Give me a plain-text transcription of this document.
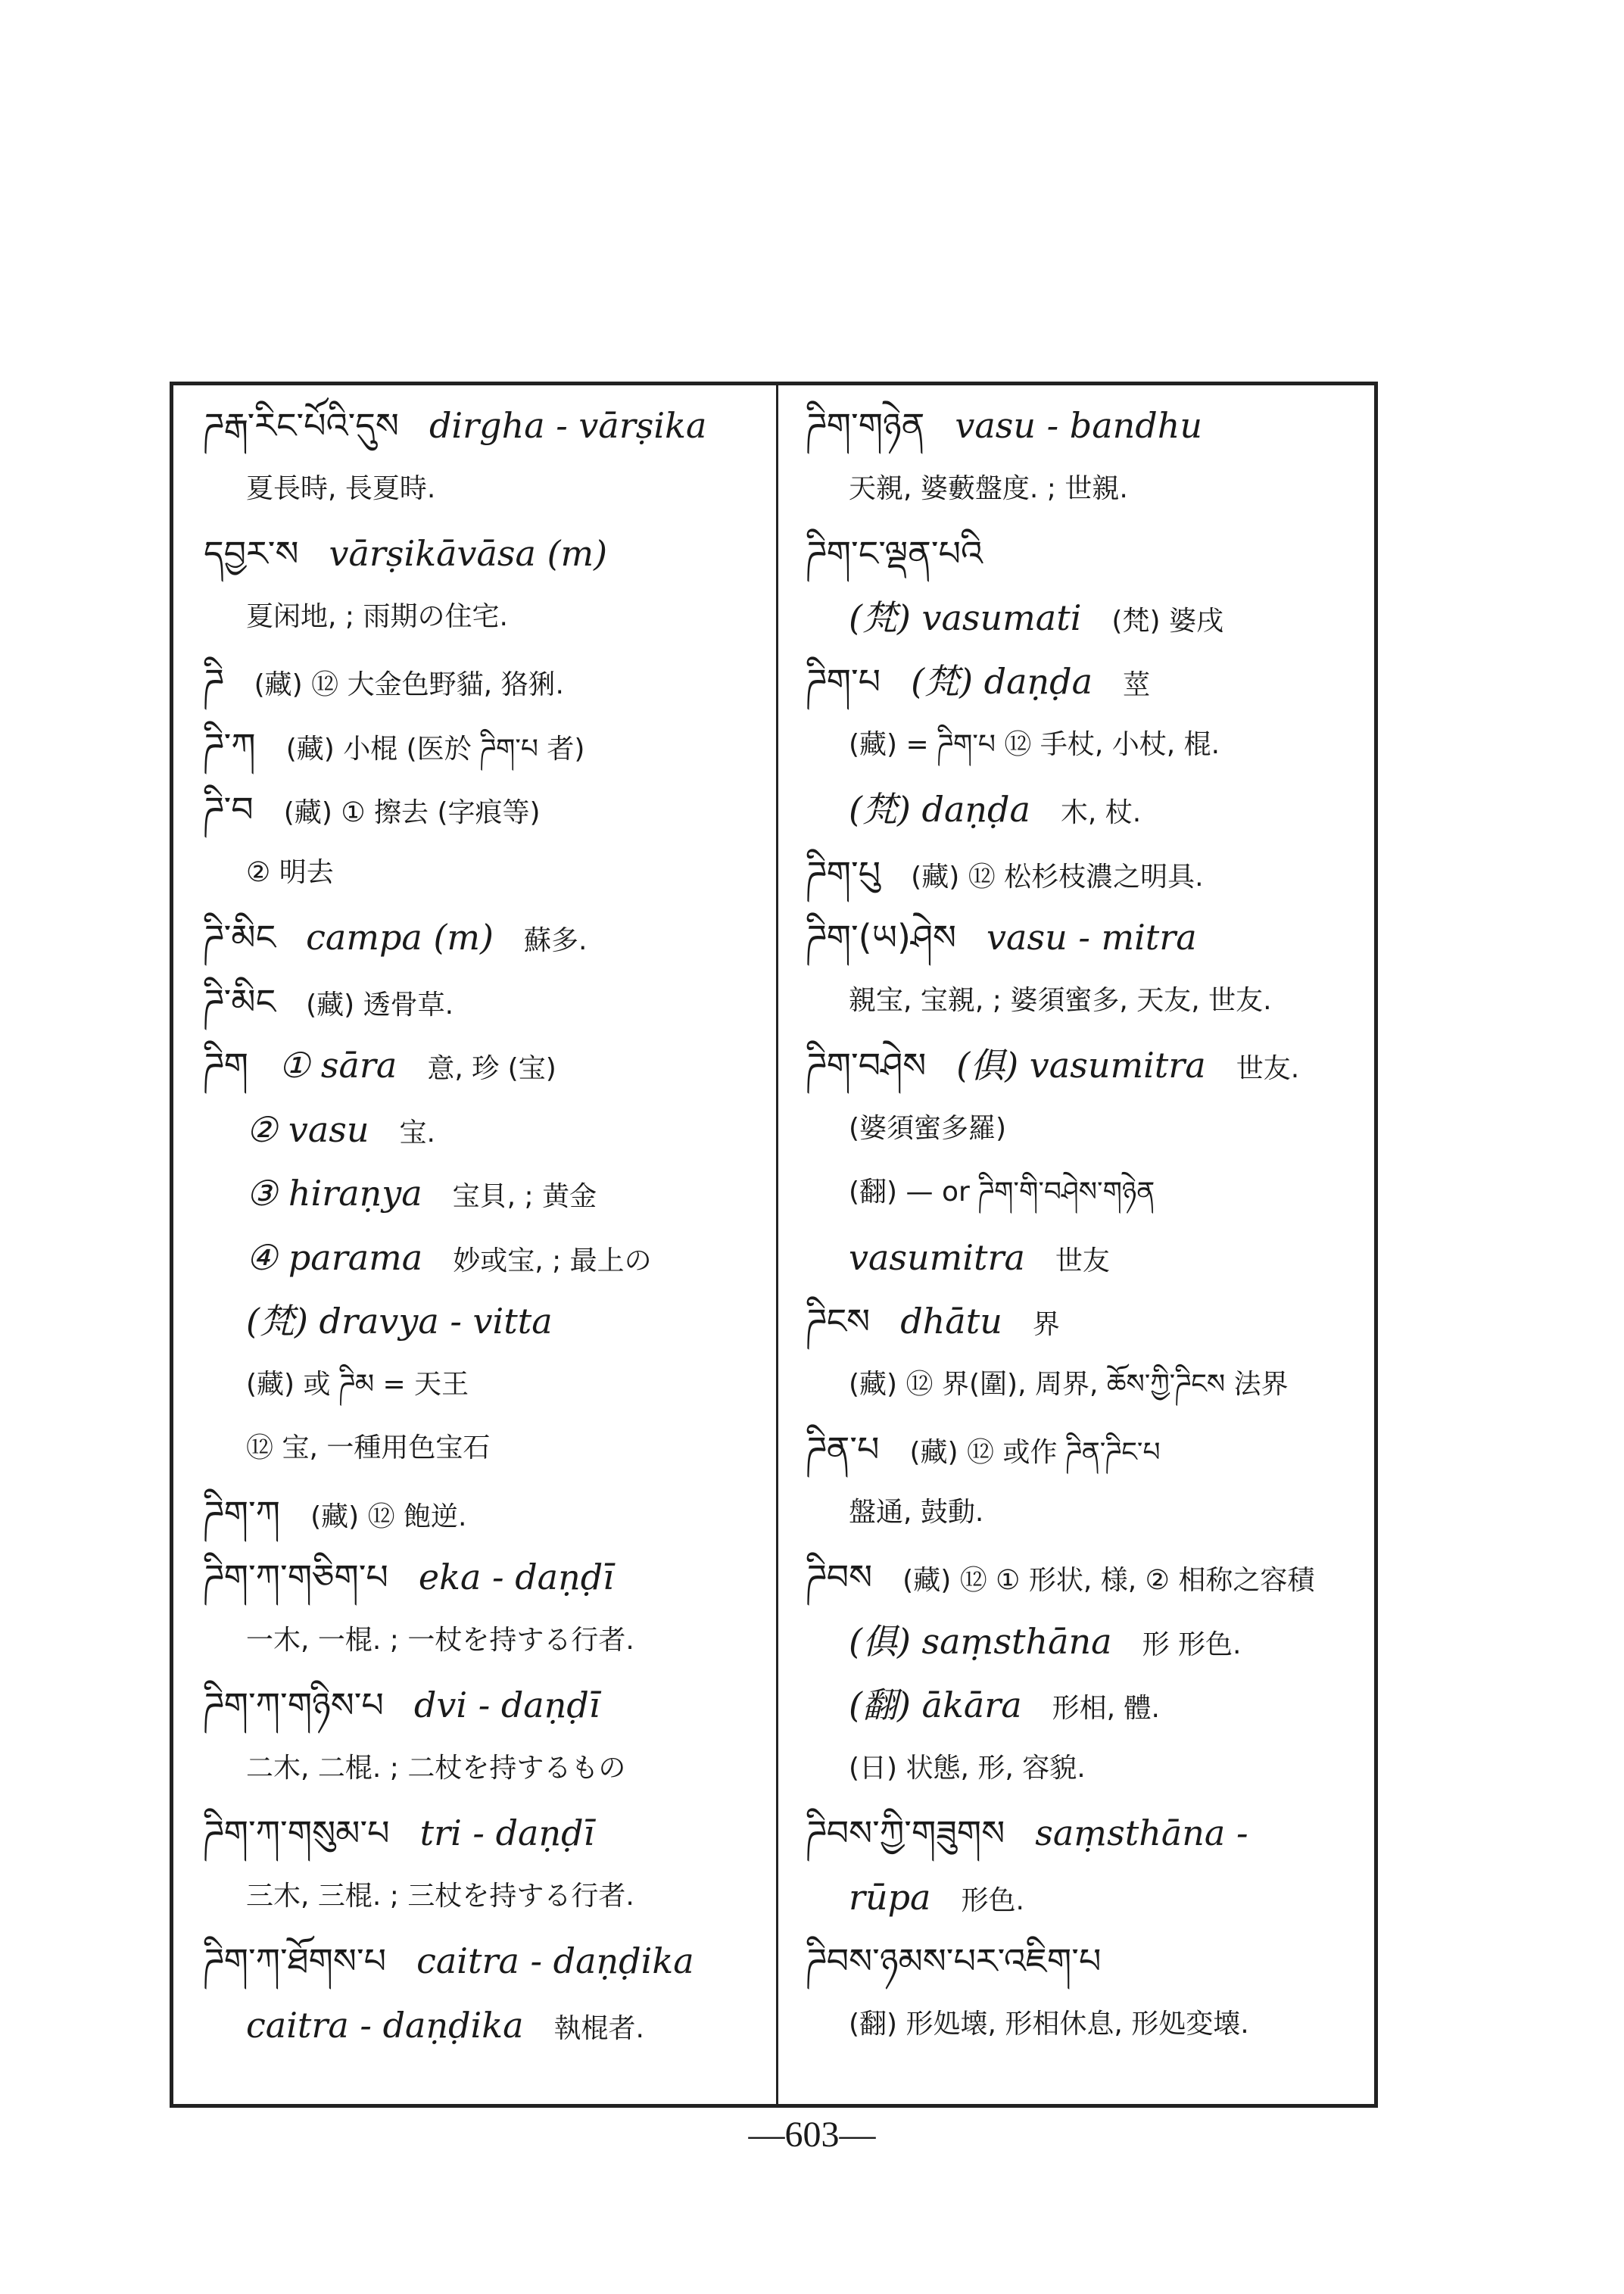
ཌརྒ་རིང་པོའི་དུས dirgha - vārṣika
夏長時, 長夏時.
དབྱར་ས vārṣikāvāsa (m)
夏闲地, ; 雨期の住宅.
ཌི (藏) ⑫ 大金色野貓, 狢猁.
ཌི་ཀ (藏) 小棍 (医於 ཌིག་པ 者)
ཌི་བ (藏) ① 擦去 (字痕等)
② 明去
ཌི་མིང campa (m) 蘇多.
ཌི་མིང (藏) 透骨草.
ཌིག ① sāra 意, 珍 (宝)
② vasu 宝.
③ hiraṇya 宝貝, ; 黄金
④ parama 妙或宝, ; 最上の
(梵) dravya - vitta
(藏) 或 ཌིམ = 天王
⑫ 宝, 一種用色宝石
ཌིག་ཀ (藏) ⑫ 飽逆.
ཌིག་ཀ་གཅིག་པ eka - daṇḍī
一木, 一棍. ; 一杖を持する行者.
ཌིག་ཀ་གཉིས་པ dvi - daṇḍī
二木, 二棍. ; 二杖を持するもの
ཌིག་ཀ་གསུམ་པ tri - daṇḍī
三木, 三棍. ; 三杖を持する行者.
ཌིག་ཀ་ཐོགས་པ caitra - daṇḍika
caitra - daṇḍika 執棍者.
ཌིག་གཉེན vasu - bandhu
天親, 婆藪盤度. ; 世親.
ཌིག་ང་ལྡན་པའི
(梵) vasumati (梵) 婆戌
ཌིག་པ (梵) daṇḍa 莖
(藏) = ཌིག་པ ⑫ 手杖, 小杖, 棍.
(梵) daṇḍa 木, 杖.
ཌིག་པུ (藏) ⑫ 松杉枝濃之明具.
ཌིག་(ཡ)ཤེས vasu - mitra
親宝, 宝親, ; 婆須蜜多, 天友, 世友.
ཌིག་བཤེས (俱) vasumitra 世友.
(婆須蜜多羅)
(翻) — or ཌིག་གི་བཤེས་གཉེན
vasumitra 世友
ཌིངས dhātu 界
(藏) ⑫ 界(圍), 周界, ཆོས་ཀྱི་ཌིངས 法界
ཌིན་པ (藏) ⑫ 或作 ཌིན་ཌིང་པ
盤通, 鼓動.
ཌིབས (藏) ⑫ ① 形状, 様, ② 相称之容積
(俱) saṃsthāna 形 形色.
(翻) ākāra 形相, 體.
(日) 状態, 形, 容貌.
ཌིབས་ཀྱི་གཟུགས saṃsthāna -
rūpa 形色.
ཌིབས་ཉམས་པར་འཇིག་པ
(翻) 形処壊, 形相休息, 形処変壊.
—603—
